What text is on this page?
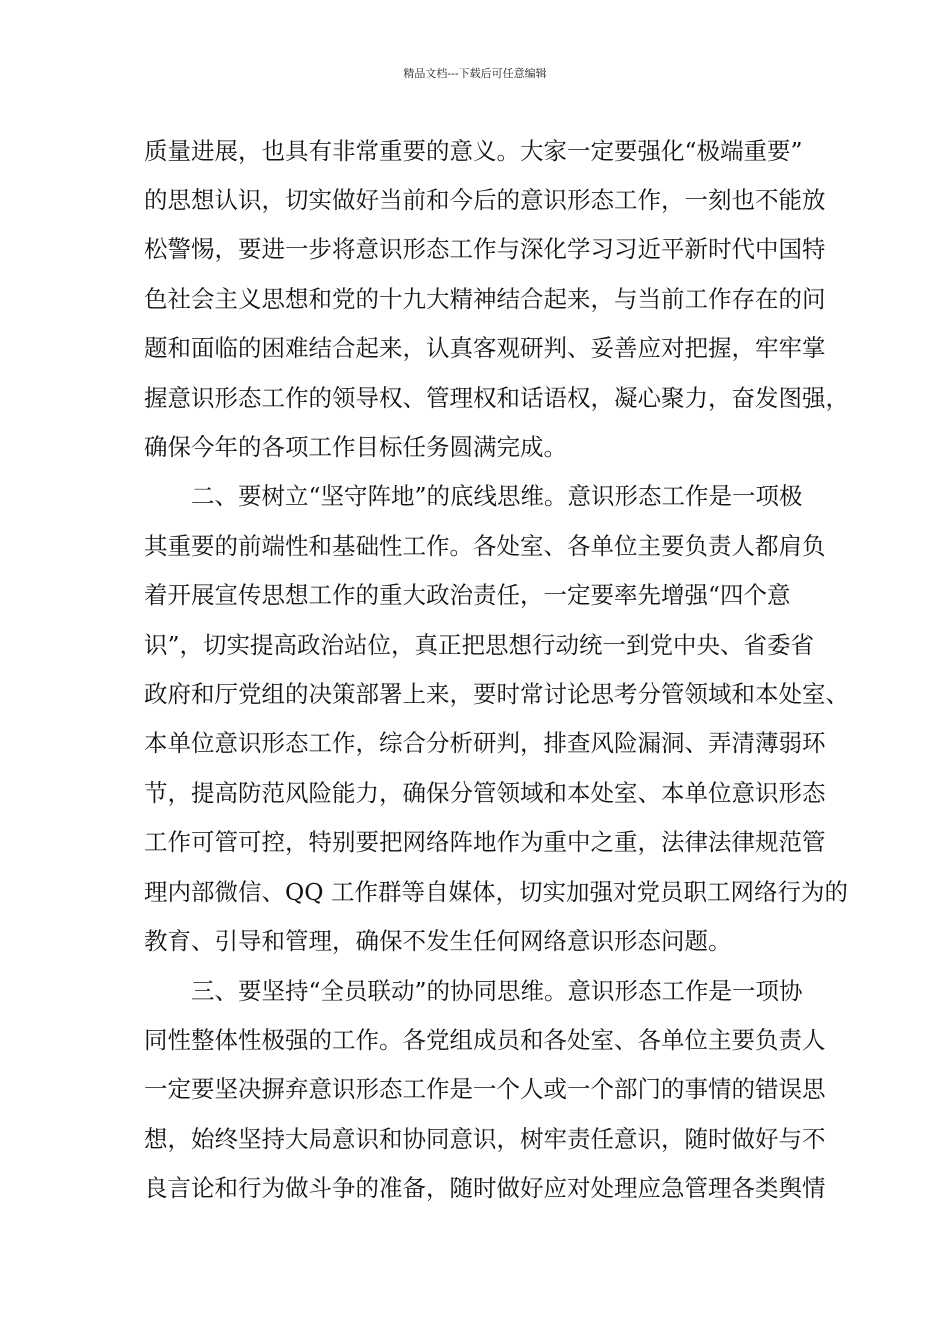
精品文档---下载后可任意编辑
质量进展，也具有非常重要的意义。大家一定要强化“极端重要”
的思想认识，切实做好当前和今后的意识形态工作，一刻也不能放
松警惕，要进一步将意识形态工作与深化学习习近平新时代中国特
色社会主义思想和党的十九大精神结合起来，与当前工作存在的问
题和面临的困难结合起来，认真客观研判、妥善应对把握，牢牢掌
握意识形态工作的领导权、管理权和话语权，凝心聚力，奋发图强，
确保今年的各项工作目标任务圆满完成。
　　二、要树立“坚守阵地”的底线思维。意识形态工作是一项极
其重要的前端性和基础性工作。各处室、各单位主要负责人都肩负
着开展宣传思想工作的重大政治责任，一定要率先增强“四个意
识”，切实提高政治站位，真正把思想行动统一到党中央、省委省
政府和厅党组的决策部署上来，要时常讨论思考分管领域和本处室、
本单位意识形态工作，综合分析研判，排查风险漏洞、弄清薄弱环
节，提高防范风险能力，确保分管领域和本处室、本单位意识形态
工作可管可控，特别要把网络阵地作为重中之重，法律法律规范管
理内部微信、QQ 工作群等自媒体，切实加强对党员职工网络行为的
教育、引导和管理，确保不发生任何网络意识形态问题。
　　三、要坚持“全员联动”的协同思维。意识形态工作是一项协
同性整体性极强的工作。各党组成员和各处室、各单位主要负责人
一定要坚决摒弃意识形态工作是一个人或一个部门的事情的错误思
想，始终坚持大局意识和协同意识，树牢责任意识，随时做好与不
良言论和行为做斗争的准备，随时做好应对处理应急管理各类舆情
